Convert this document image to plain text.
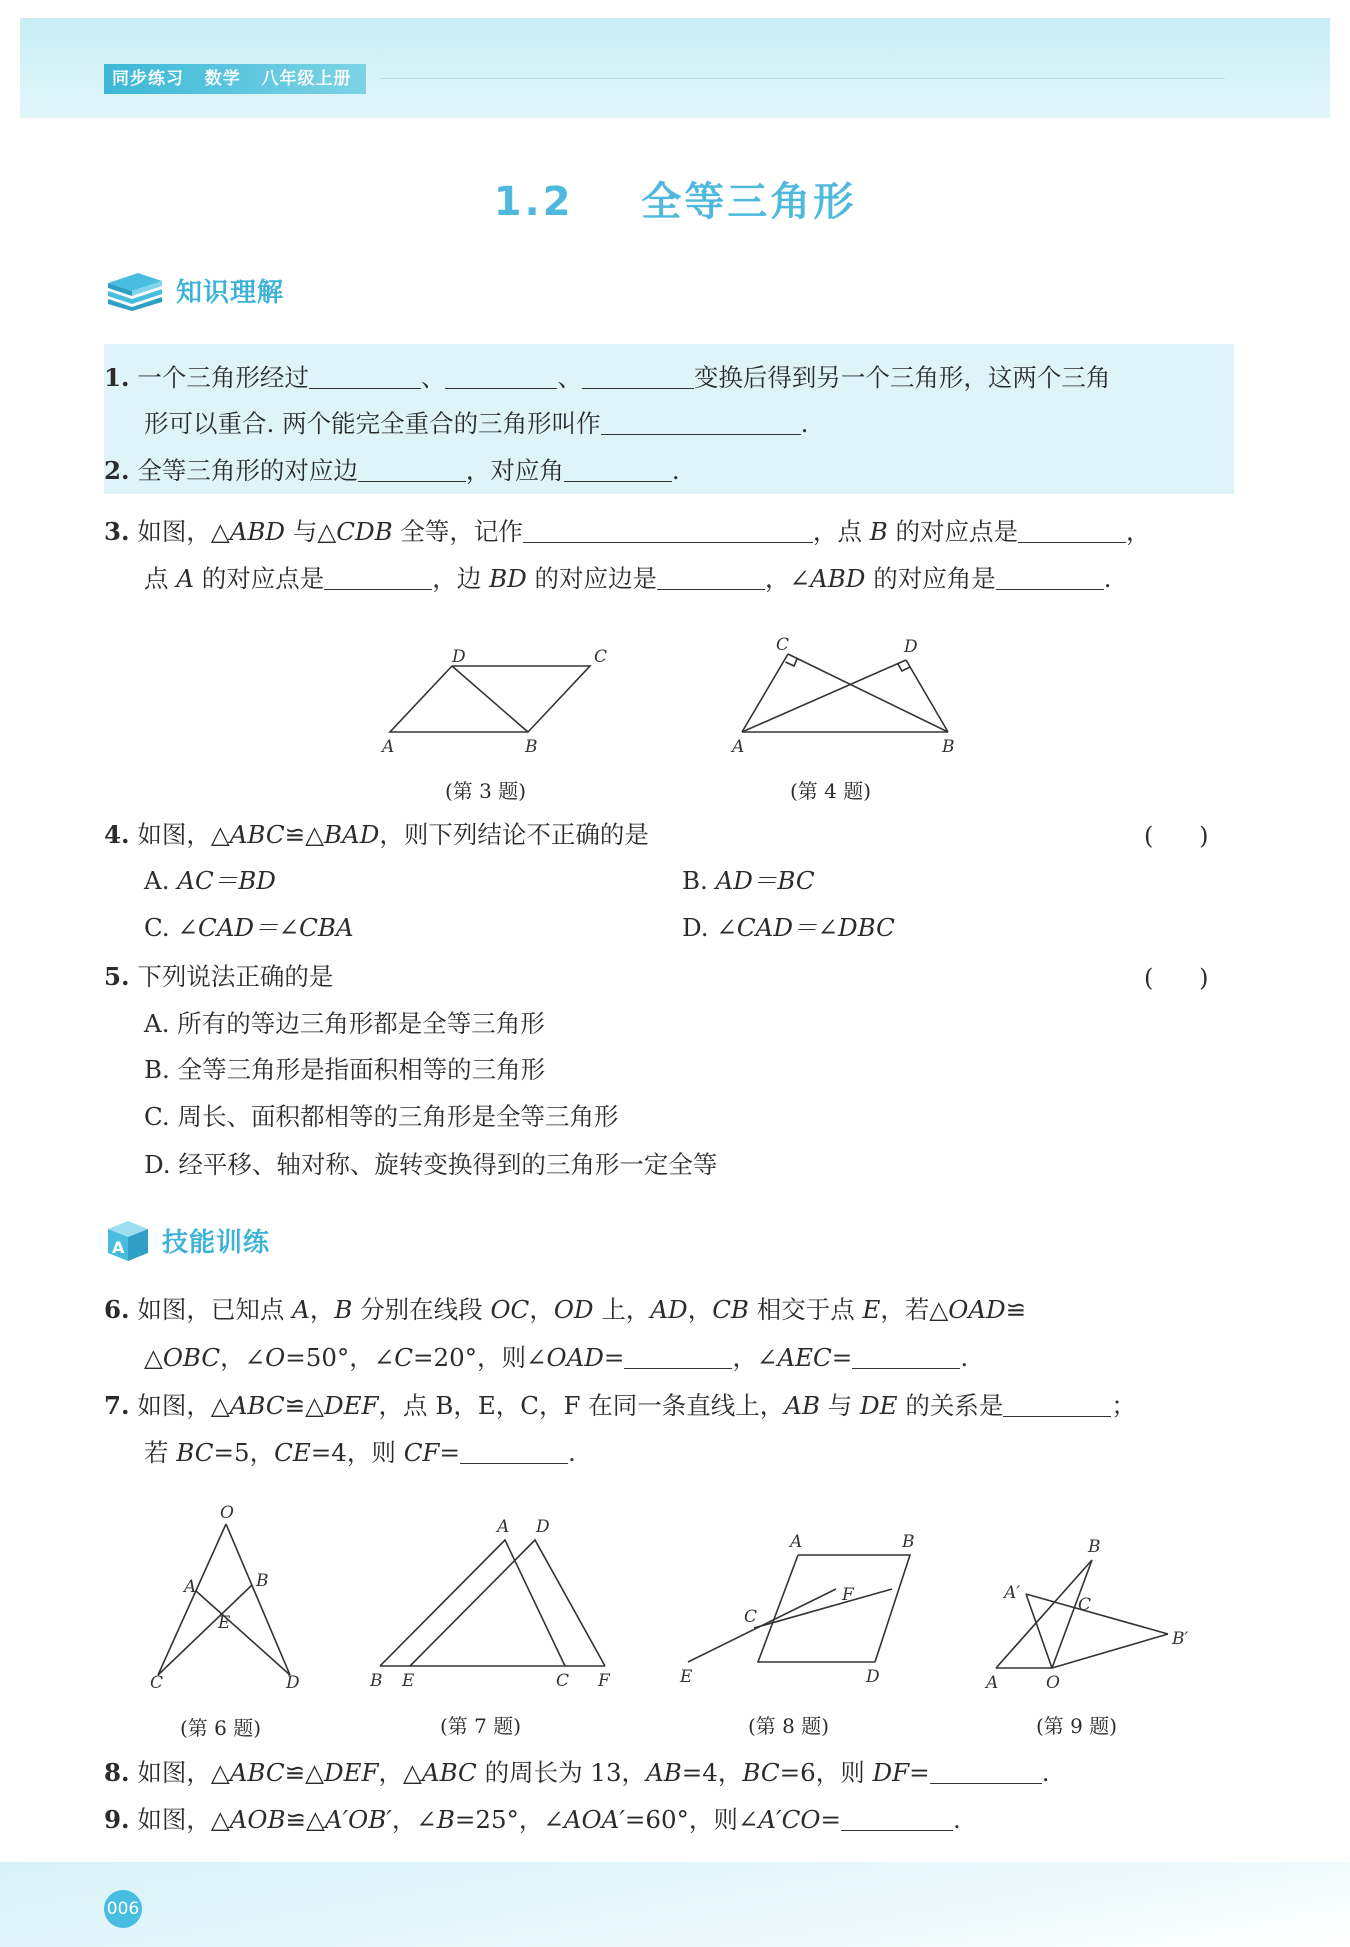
同步练习   数学   八年级上册
1.2    全等三角形
知识理解
1. 一个三角形经过	、	、	变换后得到另一个三角形，这两个三角
形可以重合. 两个能完全重合的三角形叫作	.
2. 全等三角形的对应边	，对应角	.
3. 如图，△ABD 与△CDB 全等，记作	，点 B 的对应点是	，
点 A 的对应点是	，边 BD 的对应边是	，∠ABD 的对应角是	.
D	C
A	B
(第 3 题)
C	D
A	B
(第 4 题)
4. 如图，△ABC≌△BAD，则下列结论不正确的是	(      )
A. AC＝BD	B. AD＝BC
C. ∠CAD＝∠CBA	D. ∠CAD＝∠DBC
5. 下列说法正确的是	(      )
A. 所有的等边三角形都是全等三角形
B. 全等三角形是指面积相等的三角形
C. 周长、面积都相等的三角形是全等三角形
D. 经平移、轴对称、旋转变换得到的三角形一定全等
A 技能训练
6. 如图，已知点 A，B 分别在线段 OC，OD 上，AD，CB 相交于点 E，若△OAD≌
△OBC，∠O=50°，∠C=20°，则∠OAD=	，∠AEC=	.
7. 如图，△ABC≌△DEF，点 B，E，C，F 在同一条直线上，AB 与 DE 的关系是	；
若 BC=5，CE=4，则 CF=	.
O
A	B
E
C	D
(第 6 题)
A D
B E	C F
(第 7 题)
A	B
F
C
E	D
(第 8 题)
B
A′
C
B′
A	O
(第 9 题)
8. 如图，△ABC≌△DEF，△ABC 的周长为 13，AB=4，BC=6，则 DF=	.
9. 如图，△AOB≌△A′OB′，∠B=25°，∠AOA′=60°，则∠A′CO=	.
006
